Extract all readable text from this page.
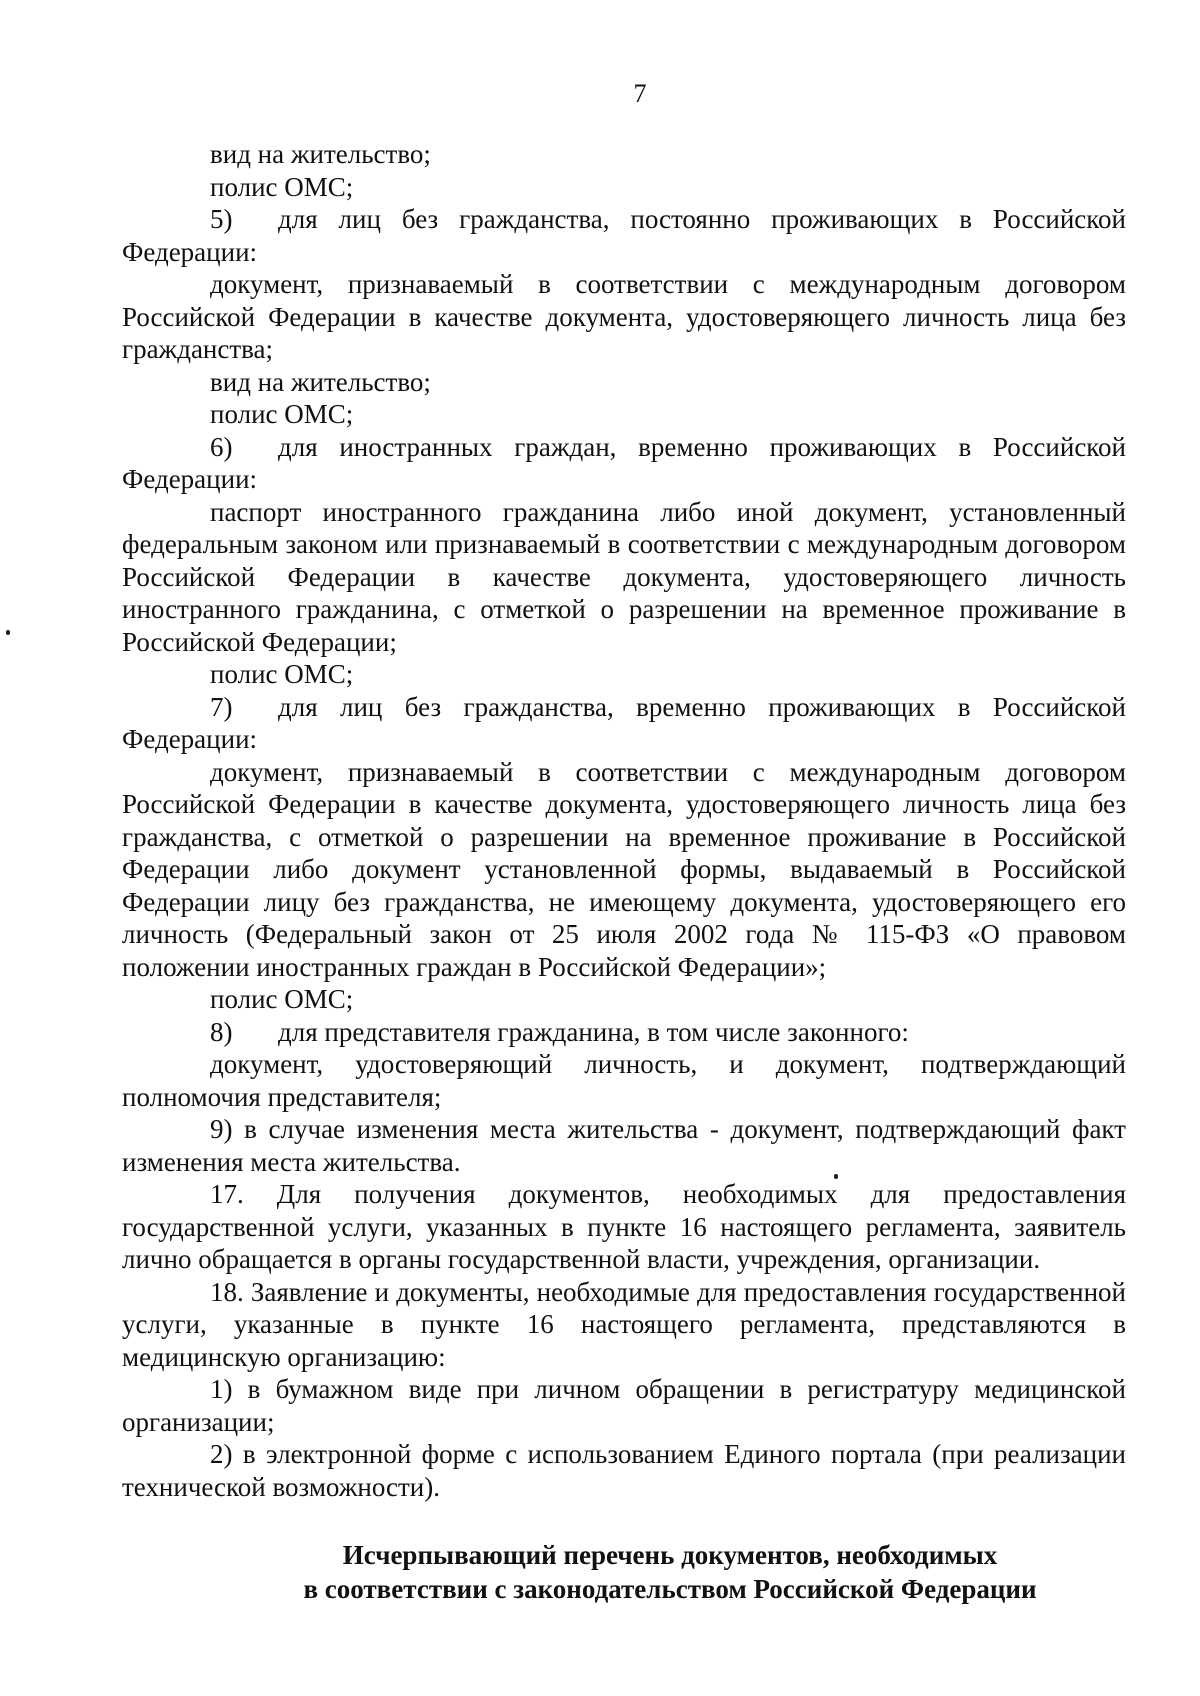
7

вид на жительство;

полис ОМС;

5) для лиц без гражданства, постоянно проживающих в Российской Федерации:

документ, признаваемый в соответствии с международным договором Российской Федерации в качестве документа, удостоверяющего личность лица без гражданства;

вид на жительство;

полис ОМС;

6) для иностранных граждан, временно проживающих в Российской Федерации:

паспорт иностранного гражданина либо иной документ, установленный федеральным законом или признаваемый в соответствии с международным договором Российской Федерации в качестве документа, удостоверяющего личность иностранного гражданина, с отметкой о разрешении на временное проживание в Российской Федерации;

полис ОМС;

7) для лиц без гражданства, временно проживающих в Российской Федерации:

документ, признаваемый в соответствии с международным договором Российской Федерации в качестве документа, удостоверяющего личность лица без гражданства, с отметкой о разрешении на временное проживание в Российской Федерации либо документ установленной формы, выдаваемый в Российской Федерации лицу без гражданства, не имеющему документа, удостоверяющего его личность (Федеральный закон от 25 июля 2002 года № 115-ФЗ «О правовом положении иностранных граждан в Российской Федерации»;

полис ОМС;

8) для представителя гражданина, в том числе законного:

документ, удостоверяющий личность, и документ, подтверждающий полномочия представителя;

9) в случае изменения места жительства - документ, подтверждающий факт изменения места жительства.

17. Для получения документов, необходимых для предоставления государственной услуги, указанных в пункте 16 настоящего регламента, заявитель лично обращается в органы государственной власти, учреждения, организации.

18. Заявление и документы, необходимые для предоставления государственной услуги, указанные в пункте 16 настоящего регламента, представляются в медицинскую организацию:

1) в бумажном виде при личном обращении в регистратуру медицинской организации;

2) в электронной форме с использованием Единого портала (при реализации технической возможности).

Исчерпывающий перечень документов, необходимых
в соответствии с законодательством Российской Федерации
